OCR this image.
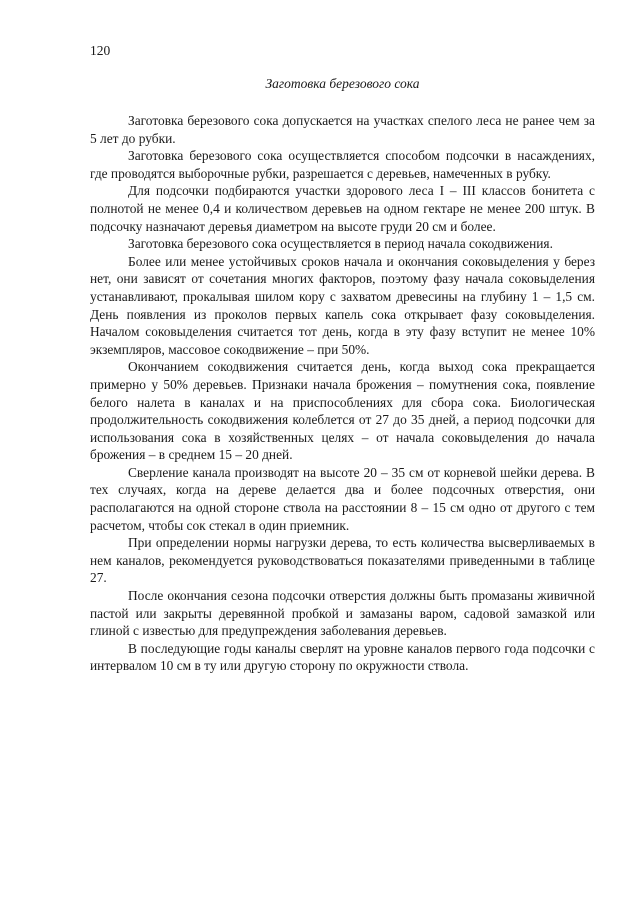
120
Заготовка березового сока

Заготовка березового сока допускается на участках спелого леса не ранее чем за 5 лет до рубки.

Заготовка березового сока осуществляется способом подсочки в насаждениях, где проводятся выборочные рубки, разрешается с деревьев, намеченных в рубку.

Для подсочки подбираются участки здорового леса I – III классов бонитета с полнотой не менее 0,4 и количеством деревьев на одном гектаре не менее 200 штук. В подсочку назначают деревья диаметром на высоте груди 20 см и более.

Заготовка березового сока осуществляется в период начала сокодвижения.

Более или менее устойчивых сроков начала и окончания соковыделения у берез нет, они зависят от сочетания многих факторов, поэтому фазу начала соковыделения устанавливают, прокалывая шилом кору с захватом древесины на глубину 1 – 1,5 см. День появления из проколов первых капель сока открывает фазу соковыделения. Началом соковыделения считается тот день, когда в эту фазу вступит не менее 10% экземпляров, массовое сокодвижение – при 50%.

Окончанием сокодвижения считается день, когда выход сока прекращается примерно у 50% деревьев. Признаки начала брожения – помутнения сока, появление белого налета в каналах и на приспособлениях для сбора сока. Биологическая продолжительность сокодвижения колеблется от 27 до 35 дней, а период подсочки для использования сока в хозяйственных целях – от начала соковыделения до начала брожения – в среднем 15 – 20 дней.

Сверление канала производят на высоте 20 – 35 см от корневой шейки дерева. В тех случаях, когда на дереве делается два и более подсочных отверстия, они располагаются на одной стороне ствола на расстоянии 8 – 15 см одно от другого с тем расчетом, чтобы сок стекал в один приемник.

При определении нормы нагрузки дерева, то есть количества высверливаемых в нем каналов, рекомендуется руководствоваться показателями приведенными в таблице 27.

После окончания сезона подсочки отверстия должны быть промазаны живичной пастой или закрыты деревянной пробкой и замазаны варом, садовой замазкой или глиной с известью для предупреждения заболевания деревьев.

В последующие годы каналы сверлят на уровне каналов первого года подсочки с интервалом 10 см в ту или другую сторону по окружности ствола.
